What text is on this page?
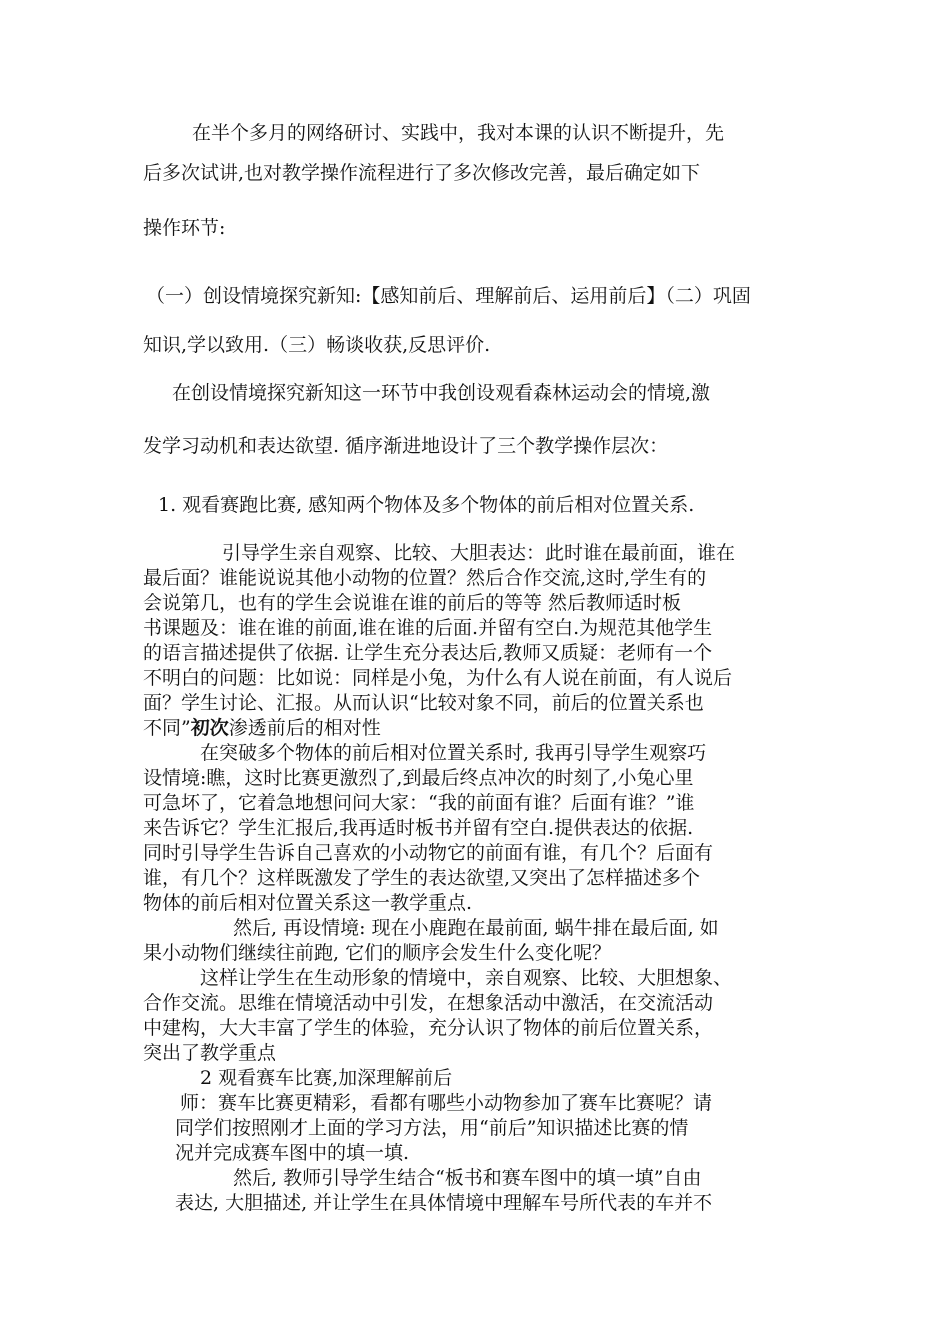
在半个多月的网络研讨、实践中，我对本课的认识不断提升，先
后多次试讲,也对教学操作流程进行了多次修改完善，最后确定如下
操作环节:
（一）创设情境探究新知:【感知前后、理解前后、运用前后】（二）巩固
知识,学以致用.（三）畅谈收获,反思评价.
在创设情境探究新知这一环节中我创设观看森林运动会的情境,激
发学习动机和表达欲望. 循序渐进地设计了三个教学操作层次：
1. 观看赛跑比赛, 感知两个物体及多个物体的前后相对位置关系.
引导学生亲自观察、比较、大胆表达：此时谁在最前面，谁在
最后面？谁能说说其他小动物的位置？然后合作交流,这时,学生有的
会说第几，也有的学生会说谁在谁的前后的等等 然后教师适时板
书课题及：谁在谁的前面,谁在谁的后面.并留有空白.为规范其他学生
的语言描述提供了依据. 让学生充分表达后,教师又质疑：老师有一个
不明白的问题：比如说：同样是小兔，为什么有人说在前面，有人说后
面？学生讨论、汇报。从而认识“比较对象不同，前后的位置关系也
不同”初次渗透前后的相对性
在突破多个物体的前后相对位置关系时, 我再引导学生观察巧
设情境:瞧，这时比赛更激烈了,到最后终点冲次的时刻了,小兔心里
可急坏了，它着急地想问问大家：“我的前面有谁？后面有谁？”谁
来告诉它？学生汇报后,我再适时板书并留有空白.提供表达的依据.
同时引导学生告诉自己喜欢的小动物它的前面有谁，有几个？后面有
谁，有几个？这样既激发了学生的表达欲望,又突出了怎样描述多个
物体的前后相对位置关系这一教学重点.
然后, 再设情境: 现在小鹿跑在最前面, 蜗牛排在最后面, 如
果小动物们继续往前跑, 它们的顺序会发生什么变化呢？
这样让学生在生动形象的情境中，亲自观察、比较、大胆想象、
合作交流。思维在情境活动中引发，在想象活动中激活，在交流活动
中建构，大大丰富了学生的体验，充分认识了物体的前后位置关系，
突出了教学重点
2 观看赛车比赛,加深理解前后
师：赛车比赛更精彩，看都有哪些小动物参加了赛车比赛呢？请
同学们按照刚才上面的学习方法，用“前后”知识描述比赛的情
况并完成赛车图中的填一填.
然后, 教师引导学生结合“板书和赛车图中的填一填”自由
表达, 大胆描述, 并让学生在具体情境中理解车号所代表的车并不
